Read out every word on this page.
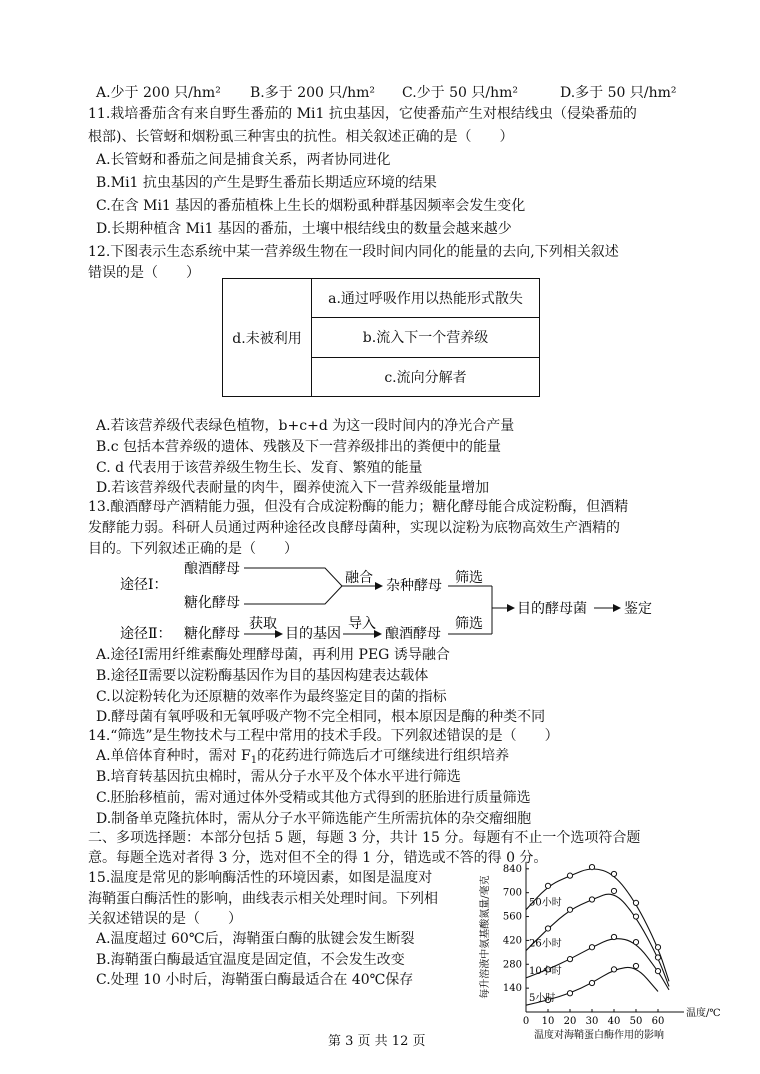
A.少于 200 只/hm² B.多于 200 只/hm² C.少于 50 只/hm²	D.多于 50 只/hm²
11.栽培番茄含有来自野生番茄的 Mi1 抗虫基因，它使番茄产生对根结线虫（侵染番茄的
根部)、长管蚜和烟粉虱三种害虫的抗性。相关叙述正确的是（　　）
A.长管蚜和番茄之间是捕食关系，两者协同进化
B.Mi1 抗虫基因的产生是野生番茄长期适应环境的结果
C.在含 Mi1 基因的番茄植株上生长的烟粉虱种群基因频率会发生变化
D.长期种植含 Mi1 基因的番茄，土壤中根结线虫的数量会越来越少
12.下图表示生态系统中某一营养级生物在一段时间内同化的能量的去向,下列相关叙述
错误的是（　　）
d.未被利用	a.通过呼吸作用以热能形式散失
b.流入下一个营养级
c.流向分解者
A.若该营养级代表绿色植物，b+c+d 为这一段时间内的净光合产量
B.c 包括本营养级的遗体、残骸及下一营养级排出的粪便中的能量
C. d 代表用于该营养级生物生长、发育、繁殖的能量
D.若该营养级代表耐量的肉牛，圈养使流入下一营养级能量增加
13.酿酒酵母产酒精能力强，但没有合成淀粉酶的能力；糖化酵母能合成淀粉酶，但酒精
发酵能力弱。科研人员通过两种途径改良酵母菌种，实现以淀粉为底物高效生产酒精的
目的。下列叙述正确的是（　　）
途径Ⅰ：
酿酒酵母
糖化酵母
融合 杂种酵母 筛选
目的酵母菌	鉴定
途径Ⅱ： 糖化酵母
获取
目的基因
导入
酿酒酵母
筛选
A.途径Ⅰ需用纤维素酶处理酵母菌，再利用 PEG 诱导融合
B.途径Ⅱ需要以淀粉酶基因作为目的基因构建表达载体
C.以淀粉转化为还原糖的效率作为最终鉴定目的菌的指标
D.酵母菌有氧呼吸和无氧呼吸产物不完全相同，根本原因是酶的种类不同
14.“筛选”是生物技术与工程中常用的技术手段。下列叙述错误的是（　　）
A.单倍体育种时，需对 $F_1$的花药进行筛选后才可继续进行组织培养
B.培育转基因抗虫棉时，需从分子水平及个体水平进行筛选
C.胚胎移植前，需对通过体外受精或其他方式得到的胚胎进行质量筛选
D.制备单克隆抗体时，需从分子水平筛选能产生所需抗体的杂交瘤细胞
二、多项选择题：本部分包括 5 题，每题 3 分，共计 15 分。每题有不止一个选项符合题
意。每题全选对者得 3 分，选对但不全的得 1 分，错选或不答的得 0 分。
15.温度是常见的影响酶活性的环境因素，如图是温度对
海鞘蛋白酶活性的影响，曲线表示相关处理时间。下列相
关叙述错误的是（　　）
A.温度超过 60℃后，海鞘蛋白酶的肽键会发生断裂
B.海鞘蛋白酶最适宜温度是固定值，不会发生改变
C.处理 10 小时后，海鞘蛋白酶最适合在 40℃保存
0 10 20 30 40 50 60
140
280
420
560
700
840
温度/℃
每升溶液中氨基酸氮量/毫克
温度对海鞘蛋白酶作用的影响
50小时
26小时
10小时
5小时
第 3 页 共 12 页
